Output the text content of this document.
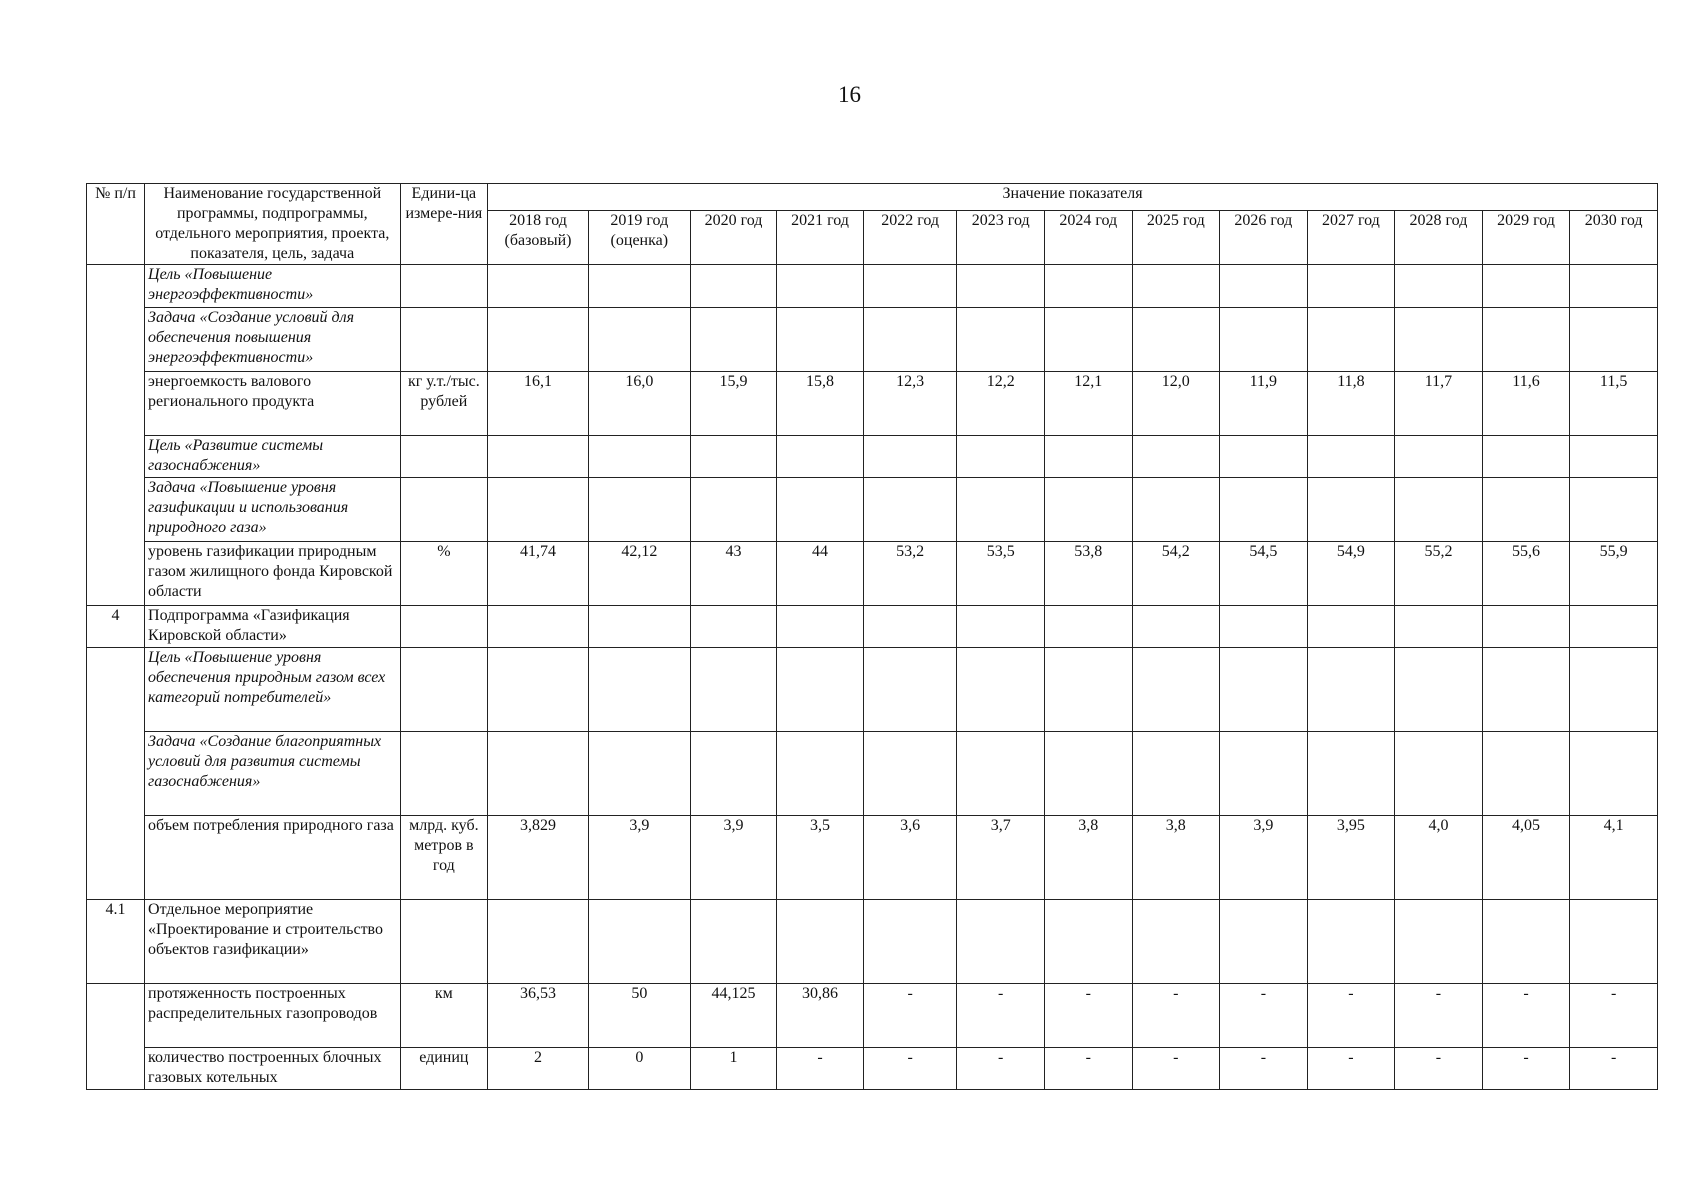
16
№ п/п	Наименование государственной программы, подпрограммы, отдельного мероприятия, проекта, показателя, цель, задача	Едини-ца измере-ния	Значение показателя												
			2018 год (базовый)	2019 год (оценка)	2020 год	2021 год	2022 год	2023 год	2024 год	2025 год	2026 год	2027 год	2028 год	2029 год	2030 год
	Цель «Повышение энергоэффективности»														
	Задача «Создание условий для обеспечения повышения энергоэффективности»														
	энергоемкость валового регионального продукта	кг у.т./тыс. рублей	16,1	16,0	15,9	15,8	12,3	12,2	12,1	12,0	11,9	11,8	11,7	11,6	11,5
	Цель «Развитие системы газоснабжения»														
	Задача «Повышение уровня газификации и использования природного газа»														
	уровень газификации природным газом жилищного фонда Кировской области	%	41,74	42,12	43	44	53,2	53,5	53,8	54,2	54,5	54,9	55,2	55,6	55,9
4	Подпрограмма «Газификация Кировской области»														
	Цель «Повышение уровня обеспечения природным газом всех категорий потребителей»														
	Задача «Создание благоприятных условий для развития системы газоснабжения»														
	объем потребления природного газа	млрд. куб. метров в год	3,829	3,9	3,9	3,5	3,6	3,7	3,8	3,8	3,9	3,95	4,0	4,05	4,1
4.1	Отдельное мероприятие «Проектирование и строительство объектов газификации»														
	протяженность построенных распределительных газопроводов	км	36,53	50	44,125	30,86	-	-	-	-	-	-	-	-	-
	количество построенных блочных газовых котельных	единиц	2	0	1	-	-	-	-	-	-	-	-	-	-
